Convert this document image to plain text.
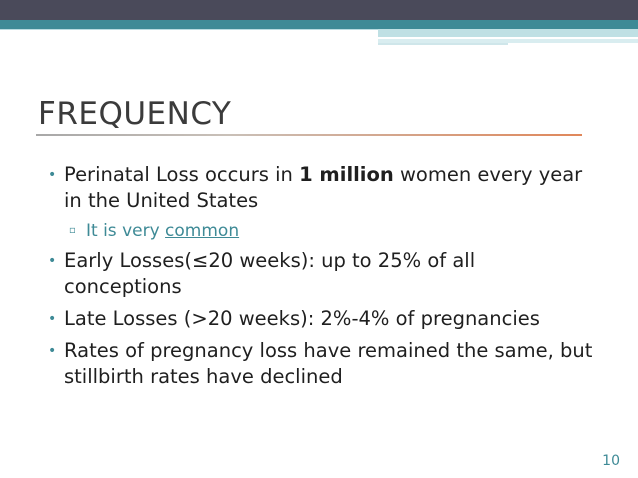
FREQUENCY
• Perinatal Loss occurs in 1 million women every year in the United States
▫ It is very common
• Early Losses(≤20 weeks): up to 25% of all conceptions
• Late Losses (>20 weeks): 2%-4% of pregnancies
• Rates of pregnancy loss have remained the same, but stillbirth rates have declined
10
